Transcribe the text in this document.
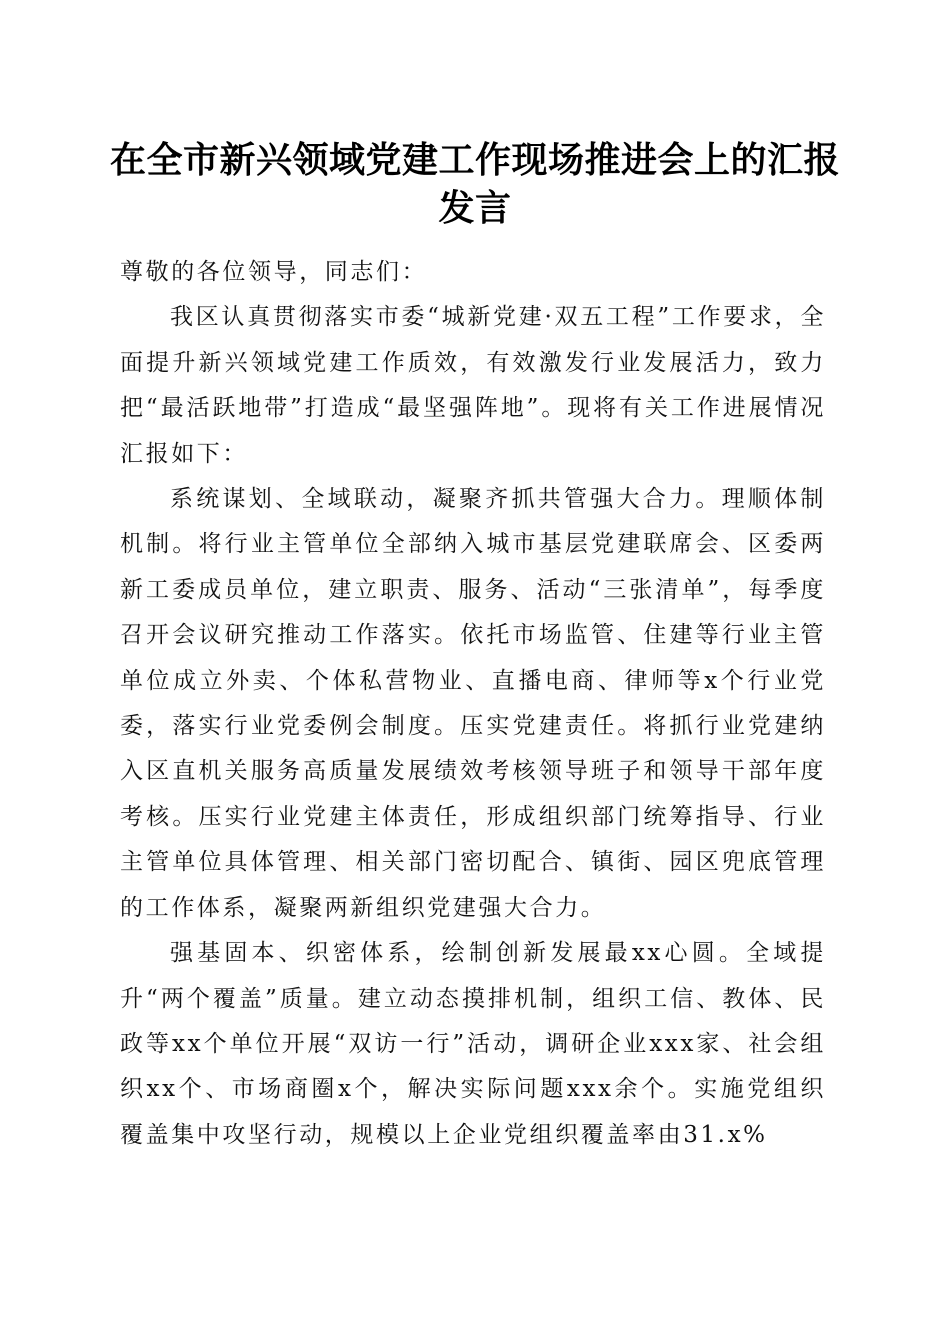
在全市新兴领域党建工作现场推进会上的汇报发言

尊敬的各位领导，同志们：

我区认真贯彻落实市委“城新党建·双五工程”工作要求，全面提升新兴领域党建工作质效，有效激发行业发展活力，致力把“最活跃地带”打造成“最坚强阵地”。现将有关工作进展情况汇报如下：

系统谋划、全域联动，凝聚齐抓共管强大合力。理顺体制机制。将行业主管单位全部纳入城市基层党建联席会、区委两新工委成员单位，建立职责、服务、活动“三张清单”，每季度召开会议研究推动工作落实。依托市场监管、住建等行业主管单位成立外卖、个体私营物业、直播电商、律师等x个行业党委，落实行业党委例会制度。压实党建责任。将抓行业党建纳入区直机关服务高质量发展绩效考核领导班子和领导干部年度考核。压实行业党建主体责任，形成组织部门统筹指导、行业主管单位具体管理、相关部门密切配合、镇街、园区兜底管理的工作体系，凝聚两新组织党建强大合力。

强基固本、织密体系，绘制创新发展最xx心圆。全域提升“两个覆盖”质量。建立动态摸排机制，组织工信、教体、民政等xx个单位开展“双访一行”活动，调研企业xxx家、社会组织xx个、市场商圈x个，解决实际问题xxx余个。实施党组织覆盖集中攻坚行动，规模以上企业党组织覆盖率由31.x%
